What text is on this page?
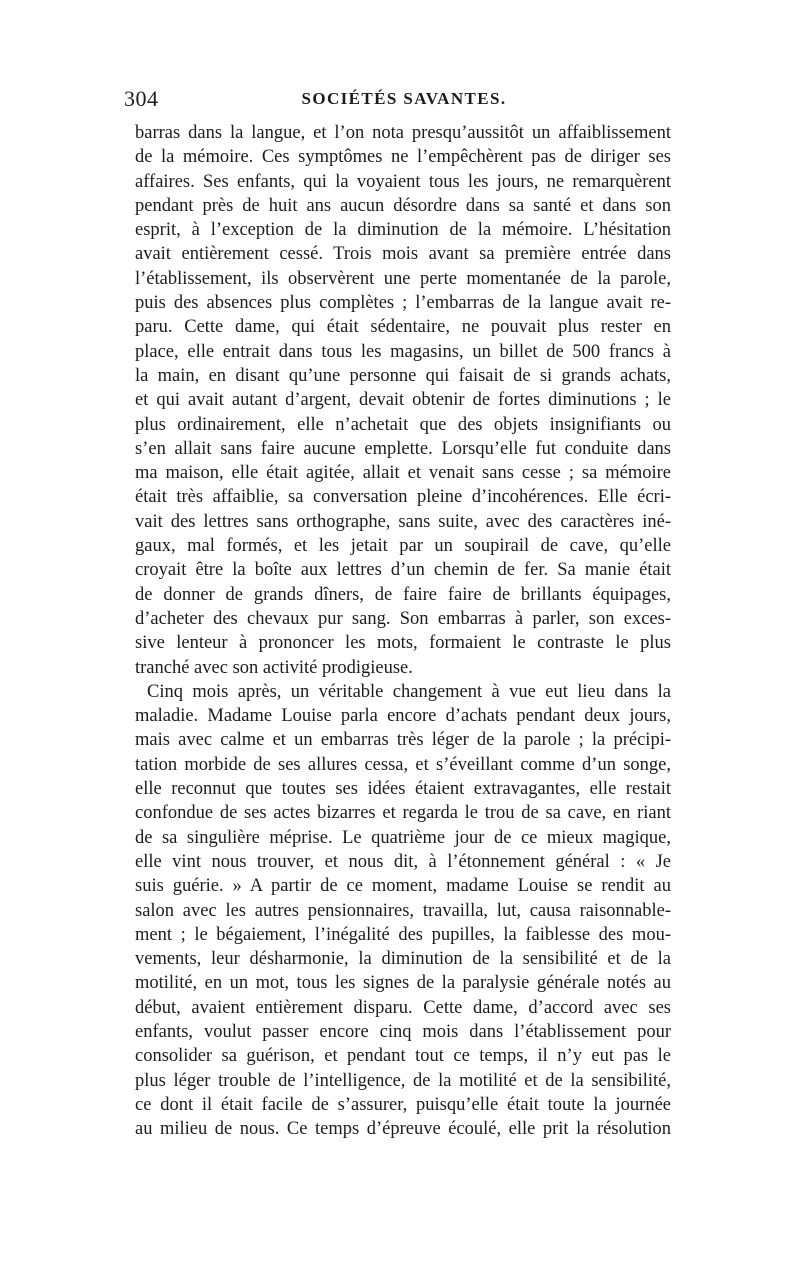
304	SOCIÉTÉS SAVANTES.
barras dans la langue, et l’on nota presqu’aussitôt un affaiblissement
de la mémoire. Ces symptômes ne l’empêchèrent pas de diriger ses
affaires. Ses enfants, qui la voyaient tous les jours, ne remarquèrent
pendant près de huit ans aucun désordre dans sa santé et dans son
esprit, à l’exception de la diminution de la mémoire. L’hésitation
avait entièrement cessé. Trois mois avant sa première entrée dans
l’établissement, ils observèrent une perte momentanée de la parole,
puis des absences plus complètes ; l’embarras de la langue avait re-
paru. Cette dame, qui était sédentaire, ne pouvait plus rester en
place, elle entrait dans tous les magasins, un billet de 500 francs à
la main, en disant qu’une personne qui faisait de si grands achats,
et qui avait autant d’argent, devait obtenir de fortes diminutions ; le
plus ordinairement, elle n’achetait que des objets insignifiants ou
s’en allait sans faire aucune emplette. Lorsqu’elle fut conduite dans
ma maison, elle était agitée, allait et venait sans cesse ; sa mémoire
était très affaiblie, sa conversation pleine d’incohérences. Elle écri-
vait des lettres sans orthographe, sans suite, avec des caractères iné-
gaux, mal formés, et les jetait par un soupirail de cave, qu’elle
croyait être la boîte aux lettres d’un chemin de fer. Sa manie était
de donner de grands dîners, de faire faire de brillants équipages,
d’acheter des chevaux pur sang. Son embarras à parler, son exces-
sive lenteur à prononcer les mots, formaient le contraste le plus
tranché avec son activité prodigieuse.
Cinq mois après, un véritable changement à vue eut lieu dans la
maladie. Madame Louise parla encore d’achats pendant deux jours,
mais avec calme et un embarras très léger de la parole ; la précipi-
tation morbide de ses allures cessa, et s’éveillant comme d’un songe,
elle reconnut que toutes ses idées étaient extravagantes, elle restait
confondue de ses actes bizarres et regarda le trou de sa cave, en riant
de sa singulière méprise. Le quatrième jour de ce mieux magique,
elle vint nous trouver, et nous dit, à l’étonnement général : « Je
suis guérie. » A partir de ce moment, madame Louise se rendit au
salon avec les autres pensionnaires, travailla, lut, causa raisonnable-
ment ; le bégaiement, l’inégalité des pupilles, la faiblesse des mou-
vements, leur désharmonie, la diminution de la sensibilité et de la
motilité, en un mot, tous les signes de la paralysie générale notés au
début, avaient entièrement disparu. Cette dame, d’accord avec ses
enfants, voulut passer encore cinq mois dans l’établissement pour
consolider sa guérison, et pendant tout ce temps, il n’y eut pas le
plus léger trouble de l’intelligence, de la motilité et de la sensibilité,
ce dont il était facile de s’assurer, puisqu’elle était toute la journée
au milieu de nous. Ce temps d’épreuve écoulé, elle prit la résolution
